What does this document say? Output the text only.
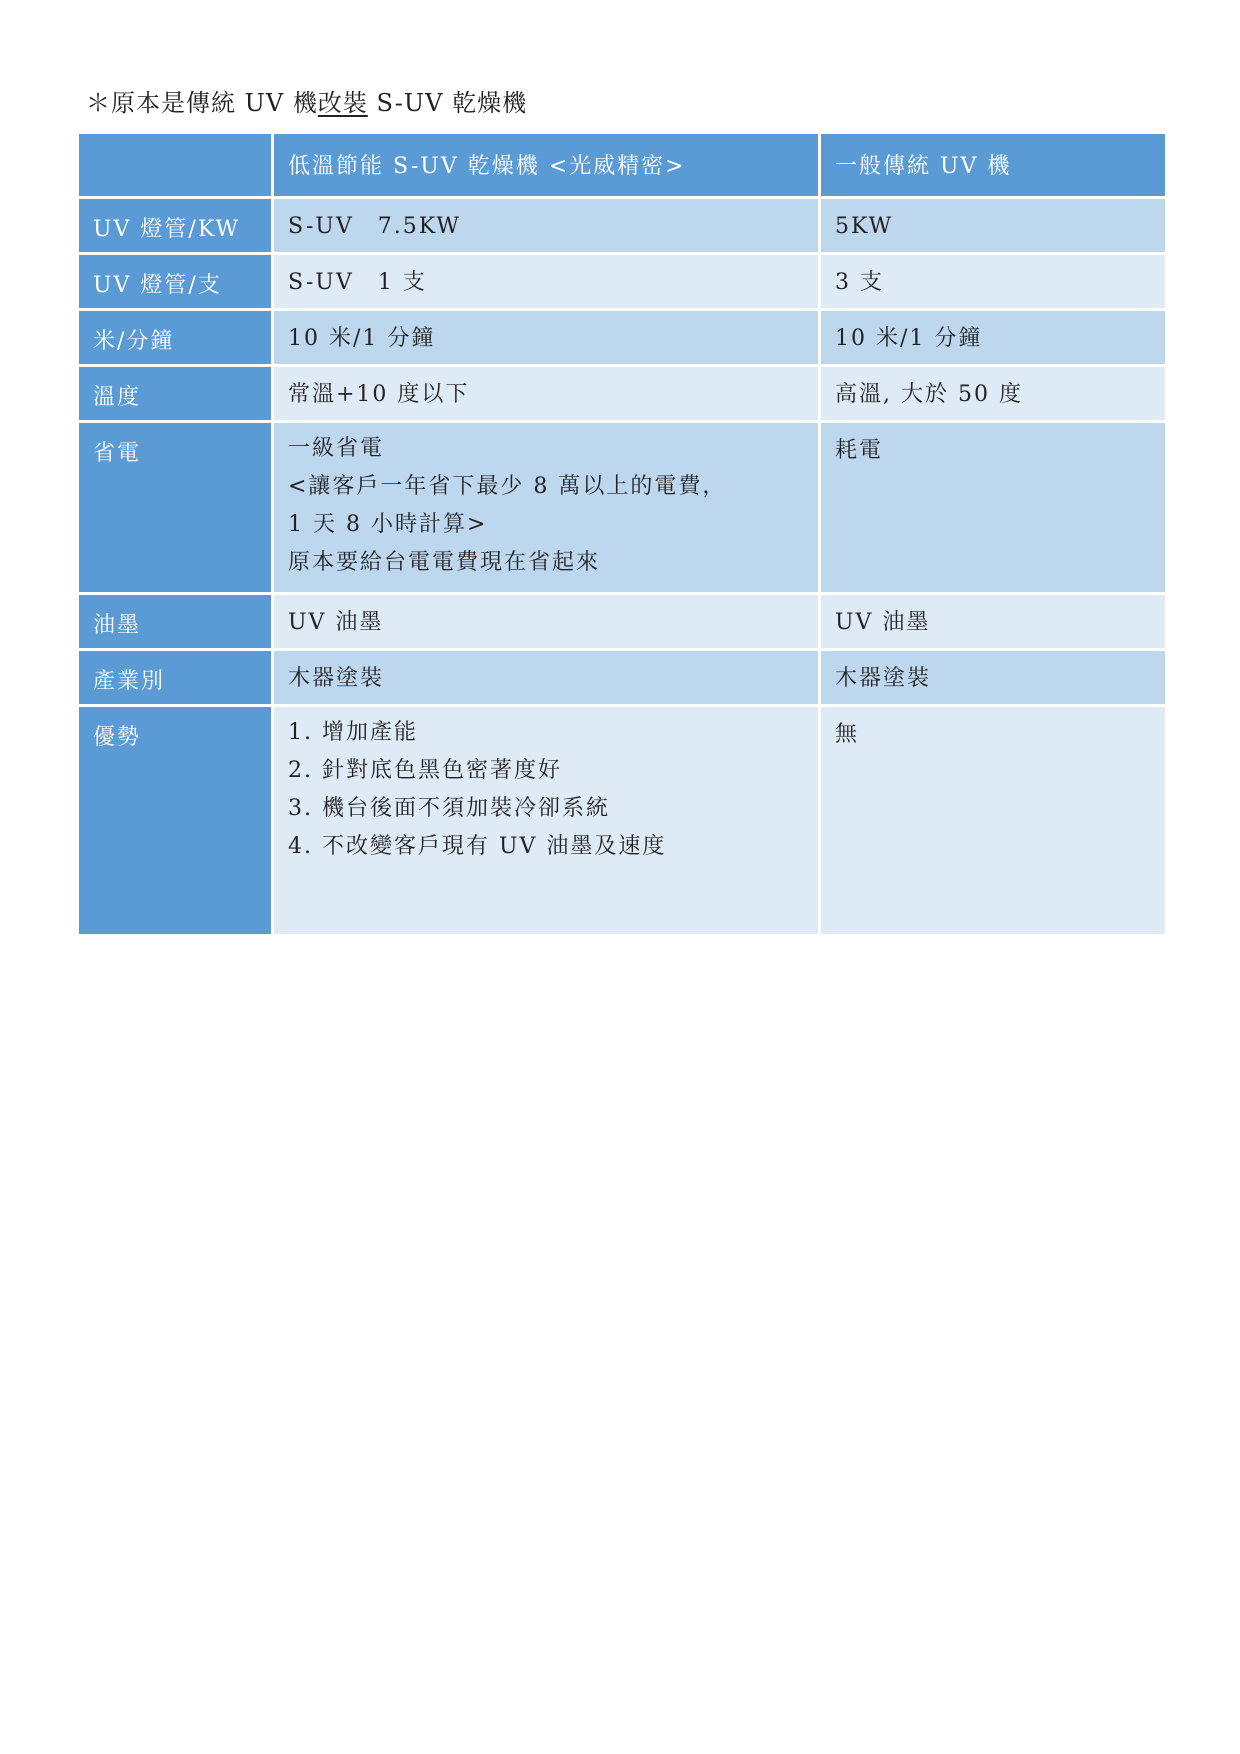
＊原本是傳統 UV 機改裝 S-UV 乾燥機
	低溫節能 S-UV 乾燥機 <光威精密>	一般傳統 UV 機
UV 燈管/KW	S-UV　7.5KW	5KW

UV 燈管/支	S-UV　1 支	3 支

米/分鐘	10 米/1 分鐘	10 米/1 分鐘

溫度	常溫+10 度以下	高溫, 大於 50 度

省電	一級省電
<讓客戶一年省下最少 8 萬以上的電費，
1 天 8 小時計算>
原本要給台電電費現在省起來	耗電

油墨	UV 油墨	UV 油墨

產業別	木器塗裝	木器塗裝

優勢	1. 增加產能
2. 針對底色黑色密著度好
3. 機台後面不須加裝冷卻系統
4. 不改變客戶現有 UV 油墨及速度	無
